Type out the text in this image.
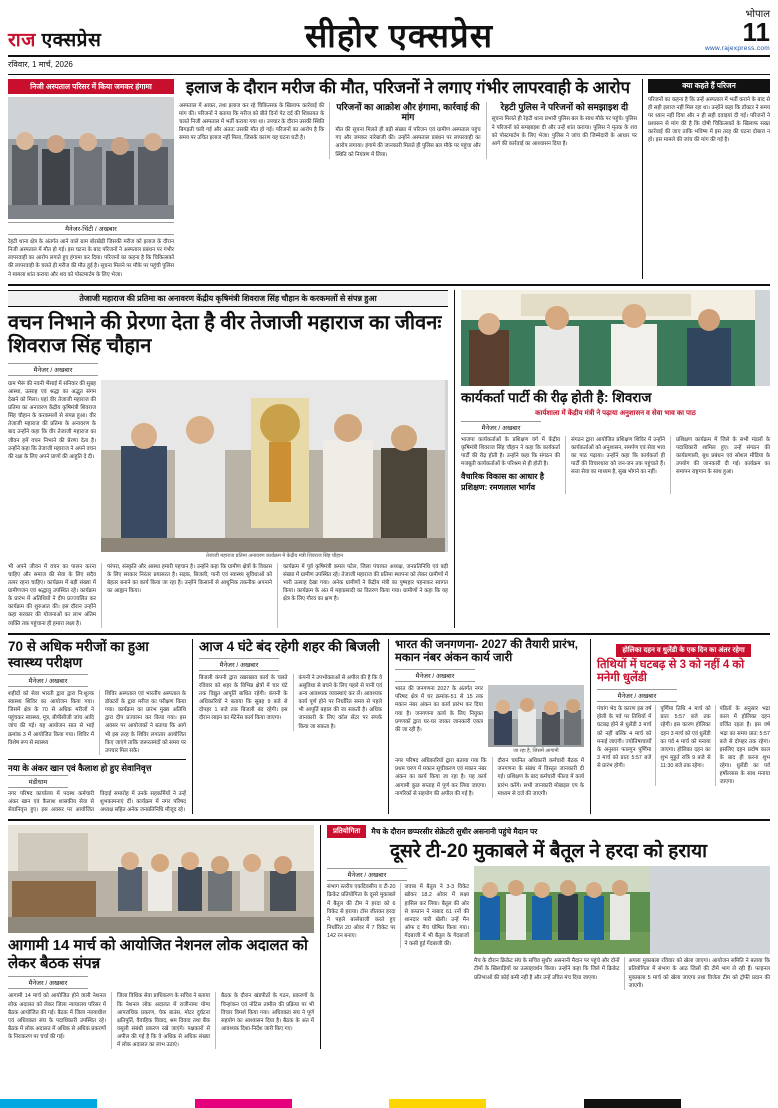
राज एक्सप्रेस	सीहोर एक्सप्रेस
भोपाल
11
www.rajexpress.com
रविवार, 1 मार्च, 2026
निजी अस्पताल परिसर में किया जमकर हंगामा
मैनेजर-चिंटी / अखबार
रेहटी थाना क्षेत्र के अंतर्गत आने वाले ग्राम बोरखेड़ी जिसकी मरीज को इलाज के दौरान निजी अस्पताल में मौत हो गई। इस घटना के बाद परिजनों ने अस्पताल प्रबंधन पर गंभीर लापरवाही का आरोप लगाते हुए हंगामा कर दिया। परिजनों का कहना है कि चिकित्सकों की लापरवाही के चलते ही मरीज की मौत हुई है। सूचना मिलने पर मौके पर पहुंची पुलिस ने मामला शांत कराया और शव को पोस्टमार्टम के लिए भेजा।
इलाज के दौरान मरीज की मौत, परिजनों ने लगाए गंभीर लापरवाही के आरोप
अस्पताल में आकर, तथा इलाज कर रहे चिकित्सक के खिलाफ कार्रवाई की मांग की। परिजनों ने बताया कि मरीज को बीते दिनों पेट दर्द की शिकायत के चलते निजी अस्पताल में भर्ती कराया गया था। उपचार के दौरान उसकी स्थिति बिगड़ती चली गई और अंततः उसकी मौत हो गई। परिजनों का आरोप है कि समय पर उचित इलाज नहीं मिला, जिसके कारण यह घटना घटी है।
परिजनों का आक्रोश और हंगामा, कार्रवाई की मांग
मौत की सूचना मिलते ही बड़ी संख्या में परिजन एवं ग्रामीण अस्पताल पहुंच गए और जमकर नारेबाजी की। उन्होंने अस्पताल प्रबंधन पर लापरवाही का आरोप लगाया। हंगामे की जानकारी मिलते ही पुलिस बल मौके पर पहुंचा और स्थिति को नियंत्रण में लिया।
रेहटी पुलिस ने परिजनों को समझाइश दी
सूचना मिलते ही रेहटी थाना प्रभारी पुलिस बल के साथ मौके पर पहुंचे। पुलिस ने परिजनों को समझाइश दी और उन्हें शांत कराया। पुलिस ने मृतक के शव को पोस्टमार्टम के लिए भेजा। पुलिस ने जांच की जिम्मेदारी के आधार पर आगे की कार्रवाई का आश्वासन दिया है।
क्या कहते हैं परिजन
परिजनों का कहना है कि उन्हें अस्पताल में भर्ती कराने के बाद से ही सही इलाज नहीं मिल रहा था। उन्होंने कहा कि डॉक्टर ने समय पर ध्यान नहीं दिया और न ही सही दवाइयां दी गईं। परिजनों ने प्रशासन से मांग की है कि दोषी चिकित्सकों के खिलाफ सख्त कार्रवाई की जाए ताकि भविष्य में इस तरह की घटना दोबारा न हो। इस मामले की जांच की मांग की गई है।
तेजाजी महाराज की प्रतिमा का अनावरण केंद्रीय कृषिमंत्री शिवराज सिंह चौहान के करकमलों से संपन्न हुआ
वचन निभाने की प्रेरणा देता है वीर तेजाजी महाराज का जीवनः शिवराज सिंह चौहान
मैनेजर / अखबार
ग्राम भैरूं की नवनी भैंसाई में सनिवार की सुबह आस्था, उत्साह एवं श्रद्धा का अद्भुत संगम देखने को मिला। यहां वीर तेजाजी महाराज की प्रतिमा का अनावरण केंद्रीय कृषिमंत्री शिवराज सिंह चौहान के करकमलों से संपन्न हुआ। वीर तेजाजी महाराज की प्रतिमा के अनावरण के बाद उन्होंने कहा कि वीर तेजाजी महाराज का जीवन हमें वचन निभाने की प्रेरणा देता है। उन्होंने कहा कि तेजाजी महाराज ने अपने वचन की रक्षा के लिए अपने प्राणों की आहुति दे दी।
तेजाजी महाराज प्रतिमा अनावरण कार्यक्रम में केंद्रीय मंत्री शिवराज सिंह चौहान
भी अपने जीवन में वचन का पालन करना चाहिए और समाज की सेवा के लिए सदैव तत्पर रहना चाहिए। कार्यक्रम में बड़ी संख्या में ग्रामीणजन एवं श्रद्धालु उपस्थित रहे। कार्यक्रम के प्रारंभ में अतिथियों ने दीप प्रज्ज्वलित कर कार्यक्रम की शुरुआत की। इस दौरान उन्होंने कहा सरकार की योजनाओं का लाभ अंतिम व्यक्ति तक पहुंचाना ही हमारा लक्ष्य है।
परंपरा, संस्कृति और आस्था हमारी पहचान है। उन्होंने कहा कि ग्रामीण क्षेत्रों के विकास के लिए सरकार निरंतर प्रयासरत है। सड़क, बिजली, पानी एवं स्वास्थ्य सुविधाओं को बेहतर बनाने का कार्य किया जा रहा है। उन्होंने किसानों से आधुनिक तकनीक अपनाने का आह्वान किया।
कार्यक्रम में पूर्व कृषिमंत्री कमल पटेल, जिला पंचायत अध्यक्ष, जनप्रतिनिधि एवं बड़ी संख्या में ग्रामीण उपस्थित रहे। तेजाजी महाराज की प्रतिमा स्थापना को लेकर ग्रामीणों में भारी उत्साह देखा गया। अनेक ग्रामीणों ने केंद्रीय मंत्री का पुष्पहार पहनाकर स्वागत किया। कार्यक्रम के अंत में महाप्रसादी का वितरण किया गया। ग्रामीणों ने कहा कि यह क्षेत्र के लिए गौरव का क्षण है।
कार्यकर्ता पार्टी की रीढ़ होती है: शिवराज
कार्यशाला में केंद्रीय मंत्री ने पढ़ाया अनुशासन व सेवा भाव का पाठ
मैनेजर / अखबार
भाजपा कार्यकर्ताओं के प्रशिक्षण वर्ग में केंद्रीय कृषिमंत्री शिवराज सिंह चौहान ने कहा कि कार्यकर्ता पार्टी की रीढ़ होती है। उन्होंने कहा कि संगठन की मजबूती कार्यकर्ताओं के परिश्रम से ही होती है।
वैचारिक विकास का आधार है प्रशिक्षण: रमणलाल भार्गव
संगठन द्वारा आयोजित प्रशिक्षण शिविर में उन्होंने कार्यकर्ताओं को अनुशासन, समर्पण एवं सेवा भाव का पाठ पढ़ाया। उन्होंने कहा कि कार्यकर्ता ही पार्टी की विचारधारा को जन-जन तक पहुंचाते हैं। सत्ता सेवा का माध्यम है, सुख भोगने का नहीं।
प्रशिक्षण कार्यक्रम में जिले के सभी मंडलों के पदाधिकारी शामिल हुए। उन्हें संगठन की कार्यप्रणाली, बूथ प्रबंधन एवं सोशल मीडिया के उपयोग की जानकारी दी गई। कार्यक्रम का समापन राष्ट्रगान के साथ हुआ।
70 से अधिक मरीजों का हुआ स्वास्थ्य परीक्षण
मैनेजर / अखबार
शहीदों को सेवा भारती द्वारा द्वारा नि:शुल्क स्वास्थ्य शिविर का आयोजन किया गया। जिसमें क्षेत्र के 70 से अधिक मरीजों ने पहुंचकर स्वास्थ्य, मूत्र, बीपीसीजी जांच आदि जांच की गई। यह आयोजन सात से भाई क्रमांक 3 में आयोजित किया गया। शिविर में विशेष रूप से स्वास्थ्य
शिविर अस्पताल एवं भारतीय अस्पताल के डॉक्टरों के द्वारा मरीज का परीक्षण किया गया। कार्यक्रम का प्रारंभ मुख्य अतिथि द्वारा दीप प्रज्वलन कर किया गया। इस अवसर पर आयोजकों ने बताया कि आगे भी इस तरह के शिविर लगातार आयोजित किए जाएंगे ताकि जरूरतमंदों को समय पर उपचार मिल सके।
नया के अंकर खान एवं कैलाश हो हुए सेवानिवृत्त
मंडीधाम
नगर परिषद कार्यालय में पदस्थ कर्मचारी अंकर खान एवं कैलाश शासकीय सेवा से सेवानिवृत्त हुए। इस अवसर पर आयोजित विदाई समारोह में उनके सहकर्मियों ने उन्हें शुभकामनाएं दीं। कार्यक्रम में नगर परिषद अध्यक्ष सहित अनेक जनप्रतिनिधि मौजूद रहे।
आज 4 घंटे बंद रहेगी शहर की बिजली
मैनेजर / अखबार
बिजली कंपनी द्वारा रखरखाव कार्य के चलते रविवार को शहर के विभिन्न क्षेत्रों में चार घंटे तक विद्युत आपूर्ति बाधित रहेगी। कंपनी के अधिकारियों ने बताया कि सुबह 9 बजे से दोपहर 1 बजे तक बिजली बंद रहेगी। इस दौरान लाइन का मेंटेनेंस कार्य किया जाएगा।
कंपनी ने उपभोक्ताओं से अपील की है कि वे असुविधा से बचने के लिए पहले से पानी एवं अन्य आवश्यक व्यवस्थाएं कर लें। आवश्यक कार्य पूर्ण होने पर निर्धारित समय से पहले भी आपूर्ति बहाल की जा सकती है। अधिक जानकारी के लिए कॉल सेंटर पर संपर्क किया जा सकता है।
भारत की जनगणना- 2027 की तैयारी प्रारंभ, मकान नंबर अंकन कार्य जारी
मैनेजर / अखबार
भारत की जनगणना 2027 के अंतर्गत नगर परिषद क्षेत्र में घर क्रमांक-51 से 15 तक मकान नंबर अंकन का कार्य प्रारंभ कर दिया गया है। जनगणना कार्य के लिए नियुक्त प्रगणकों द्वारा घर-घर जाकर जानकारी एकत्र की जा रही है।
जा रहा है, जिसमें आगामी
नगर परिषद अधिकारियों द्वारा बताया गया कि प्रथम चरण में मकान सूचीकरण एवं मकान नंबर अंकन का कार्य किया जा रहा है। यह कार्य आगामी कुछ सप्ताह में पूर्ण कर लिया जाएगा। नागरिकों से सहयोग की अपील की गई है।
दौरान चयनित अधिकारी कर्मचारी बैठक में जनगणना के संबंध में विस्तृत जानकारी दी गई। प्रशिक्षण के बाद कर्मचारी फील्ड में कार्य प्रारंभ करेंगे। सभी जानकारी मोबाइल एप के माध्यम से दर्ज की जाएगी।
होलिका दहन व धुलेंडी के एक दिन का अंतर रहेगा
तिथियों में घटबढ़ से 3 को नहीं 4 को मनेगी धुलेंडी
मैनेजर / अखबार
पंचांग भेद के कारण इस वर्ष होली के पर्व पर तिथियों में घटबढ़ होने से धुलेंडी 3 मार्च को नहीं बल्कि 4 मार्च को मनाई जाएगी। ज्योतिषाचार्यों के अनुसार फाल्गुन पूर्णिमा 3 मार्च को प्रातः 5:57 बजे से प्रारंभ होगी।
पूर्णिमा तिथि 4 मार्च को प्रातः 5:57 बजे तक रहेगी। इस कारण होलिका दहन 3 मार्च को एवं धुलेंडी का पर्व 4 मार्च को मनाया जाएगा। होलिका दहन का शुभ मुहूर्त रात्रि 9 बजे से 11:30 बजे तक रहेगा।
पंडितों के अनुसार भद्रा काल में होलिका दहन वर्जित रहता है। इस वर्ष भद्रा का समय प्रातः 5:57 बजे से दोपहर तक रहेगा। इसलिए दहन प्रदोष काल के बाद ही करना शुभ रहेगा। धुलेंडी का पर्व हर्षोल्लास के साथ मनाया जाएगा।
आगामी 14 मार्च को आयोजित नेशनल लोक अदालत को लेकर बैठक संपन्न
मैनेजर / अखबार
आगामी 14 मार्च को आयोजित होने वाली नेशनल लोक अदालत को लेकर जिला न्यायालय परिसर में बैठक आयोजित की गई। बैठक में जिला न्यायाधीश एवं अधिवक्ता संघ के पदाधिकारी उपस्थित रहे। बैठक में लोक अदालत में अधिक से अधिक प्रकरणों के निराकरण पर चर्चा की गई।
जिला विधिक सेवा प्राधिकरण के सचिव ने बताया कि नेशनल लोक अदालत में राजीनामा योग्य आपराधिक प्रकरण, चेक बाउंस, मोटर दुर्घटना क्षतिपूर्ति, वैवाहिक विवाद, श्रम विवाद तथा बैंक वसूली संबंधी प्रकरण रखे जाएंगे। पक्षकारों से अपील की गई है कि वे अधिक से अधिक संख्या में लोक अदालत का लाभ उठाएं।
बैठक के दौरान खंडपीठों के गठन, प्रकरणों के चिन्हांकन एवं नोटिस तामील की प्रक्रिया पर भी विचार विमर्श किया गया। अधिवक्ता संघ ने पूर्ण सहयोग का आश्वासन दिया है। बैठक के अंत में आवश्यक दिशा-निर्देश जारी किए गए।
प्रतियोगिता	मैच के दौरान छप्परसीर सेक्रेटरी सुधीर असनानी पहुंचे मैदान पर
दूसरे टी-20 मुकाबले में बैतूल ने हरदा को हराया
मैनेजर / अखबार
संभाग स्तरीय एकदिवसीय व टी-20 क्रिकेट प्रतियोगिता के दूसरे मुकाबले में बैतूल की टीम ने हरदा को 6 विकेट से हराया। टॉस जीतकर हरदा ने पहले बल्लेबाजी करते हुए निर्धारित 20 ओवर में 7 विकेट पर 142 रन बनाए।
जवाब में बैतूल ने 3-3 विकेट खोकर 18.2 ओवर में लक्ष्य हासिल कर लिया। बैतूल की ओर से कप्तान ने नाबाद 61 रनों की शानदार पारी खेली। उन्हें मैन ऑफ द मैच घोषित किया गया। गेंदबाजी में भी बैतूल के गेंदबाजों ने कसी हुई गेंदबाजी की।
मैच के दौरान क्रिकेट संघ के सचिव सुधीर असनानी मैदान पर पहुंचे और दोनों टीमों के खिलाड़ियों का उत्साहवर्धन किया। उन्होंने कहा कि जिले में क्रिकेट प्रतिभाओं की कोई कमी नहीं है और उन्हें उचित मंच दिया जाएगा।
अगला मुकाबला रविवार को खेला जाएगा। आयोजन समिति ने बताया कि प्रतियोगिता में संभाग के आठ जिलों की टीमें भाग ले रही हैं। फाइनल मुकाबला 5 मार्च को खेला जाएगा तथा विजेता टीम को ट्रॉफी प्रदान की जाएगी।
